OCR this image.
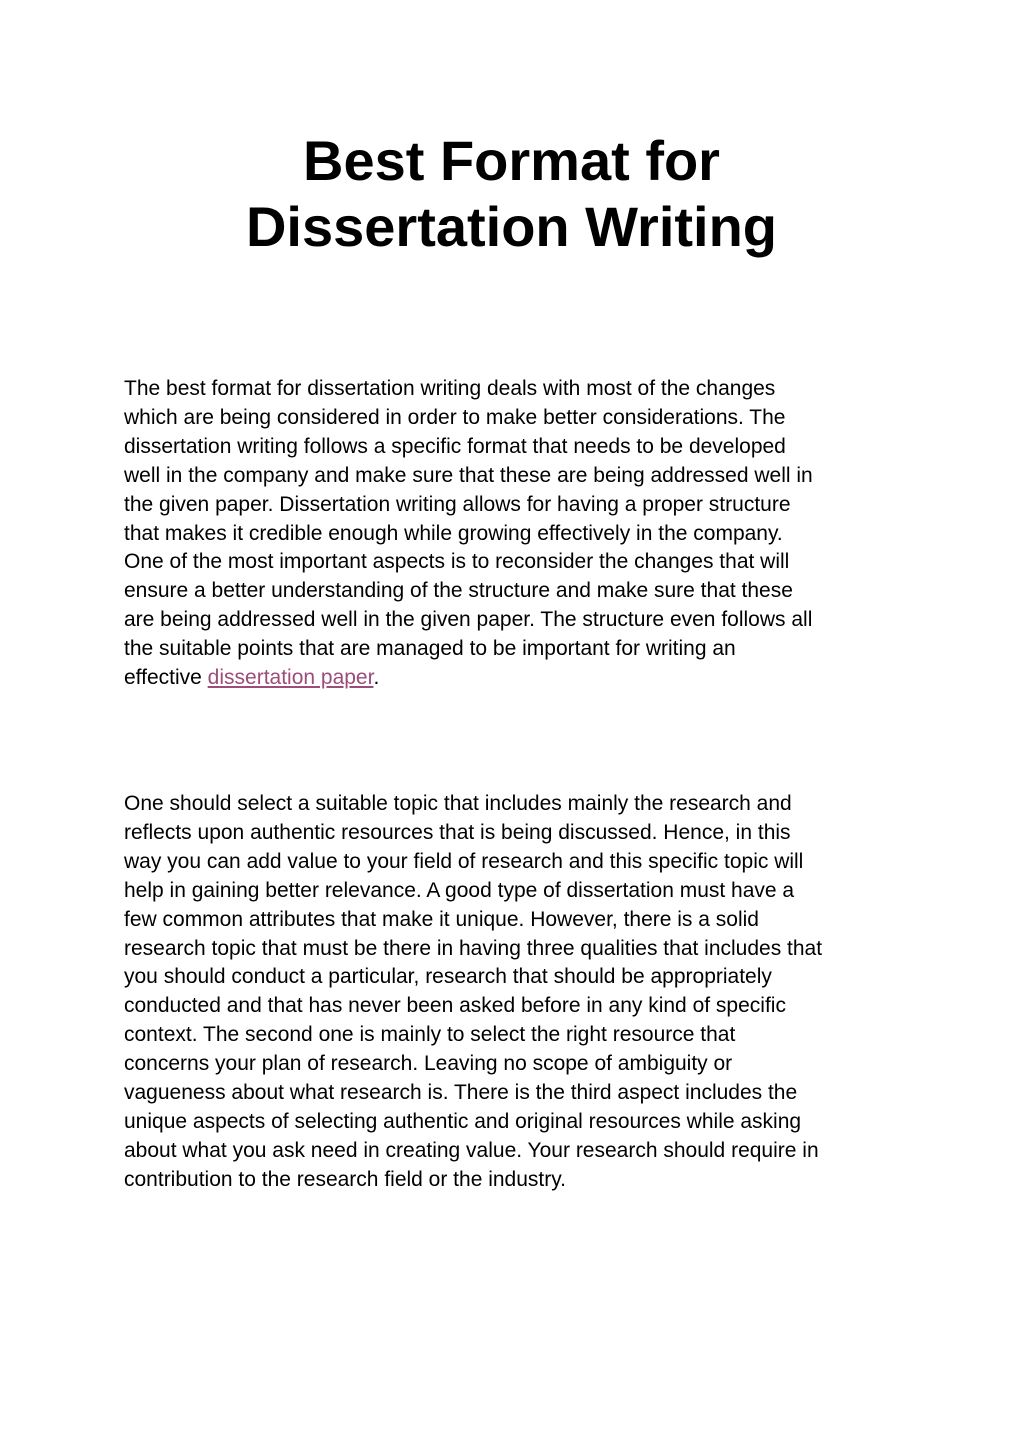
Best Format for
Dissertation Writing

The best format for dissertation writing deals with most of the changes
which are being considered in order to make better considerations. The
dissertation writing follows a specific format that needs to be developed
well in the company and make sure that these are being addressed well in
the given paper. Dissertation writing allows for having a proper structure
that makes it credible enough while growing effectively in the company.
One of the most important aspects is to reconsider the changes that will
ensure a better understanding of the structure and make sure that these
are being addressed well in the given paper. The structure even follows all
the suitable points that are managed to be important for writing an
effective dissertation paper.

One should select a suitable topic that includes mainly the research and
reflects upon authentic resources that is being discussed. Hence, in this
way you can add value to your field of research and this specific topic will
help in gaining better relevance. A good type of dissertation must have a
few common attributes that make it unique. However, there is a solid
research topic that must be there in having three qualities that includes that
you should conduct a particular, research that should be appropriately
conducted and that has never been asked before in any kind of specific
context. The second one is mainly to select the right resource that
concerns your plan of research. Leaving no scope of ambiguity or
vagueness about what research is. There is the third aspect includes the
unique aspects of selecting authentic and original resources while asking
about what you ask need in creating value. Your research should require in
contribution to the research field or the industry.
